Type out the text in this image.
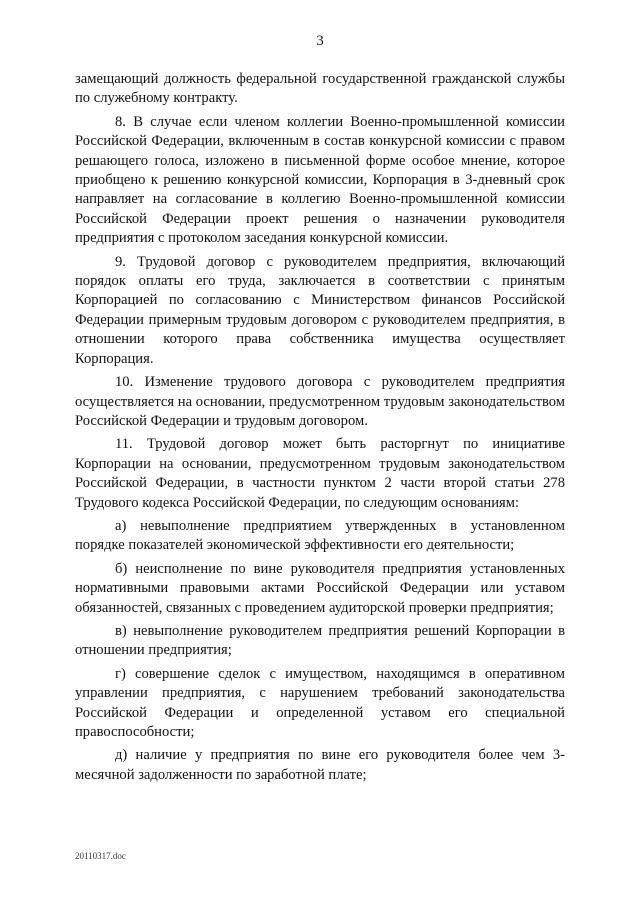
3

замещающий должность федеральной государственной гражданской службы по служебному контракту.

8. В случае если членом коллегии Военно-промышленной комиссии Российской Федерации, включенным в состав конкурсной комиссии с правом решающего голоса, изложено в письменной форме особое мнение, которое приобщено к решению конкурсной комиссии, Корпорация в 3-дневный срок направляет на согласование в коллегию Военно-промышленной комиссии Российской Федерации проект решения о назначении руководителя предприятия с протоколом заседания конкурсной комиссии.

9. Трудовой договор с руководителем предприятия, включающий порядок оплаты его труда, заключается в соответствии с принятым Корпорацией по согласованию с Министерством финансов Российской Федерации примерным трудовым договором с руководителем предприятия, в отношении которого права собственника имущества осуществляет Корпорация.

10. Изменение трудового договора с руководителем предприятия осуществляется на основании, предусмотренном трудовым законодательством Российской Федерации и трудовым договором.

11. Трудовой договор может быть расторгнут по инициативе Корпорации на основании, предусмотренном трудовым законодательством Российской Федерации, в частности пунктом 2 части второй статьи 278 Трудового кодекса Российской Федерации, по следующим основаниям:

а) невыполнение предприятием утвержденных в установленном порядке показателей экономической эффективности его деятельности;

б) неисполнение по вине руководителя предприятия установленных нормативными правовыми актами Российской Федерации или уставом обязанностей, связанных с проведением аудиторской проверки предприятия;

в) невыполнение руководителем предприятия решений Корпорации в отношении предприятия;

г) совершение сделок с имуществом, находящимся в оперативном управлении предприятия, с нарушением требований законодательства Российской Федерации и определенной уставом его специальной правоспособности;

д) наличие у предприятия по вине его руководителя более чем 3-месячной задолженности по заработной плате;

20110317.doc
